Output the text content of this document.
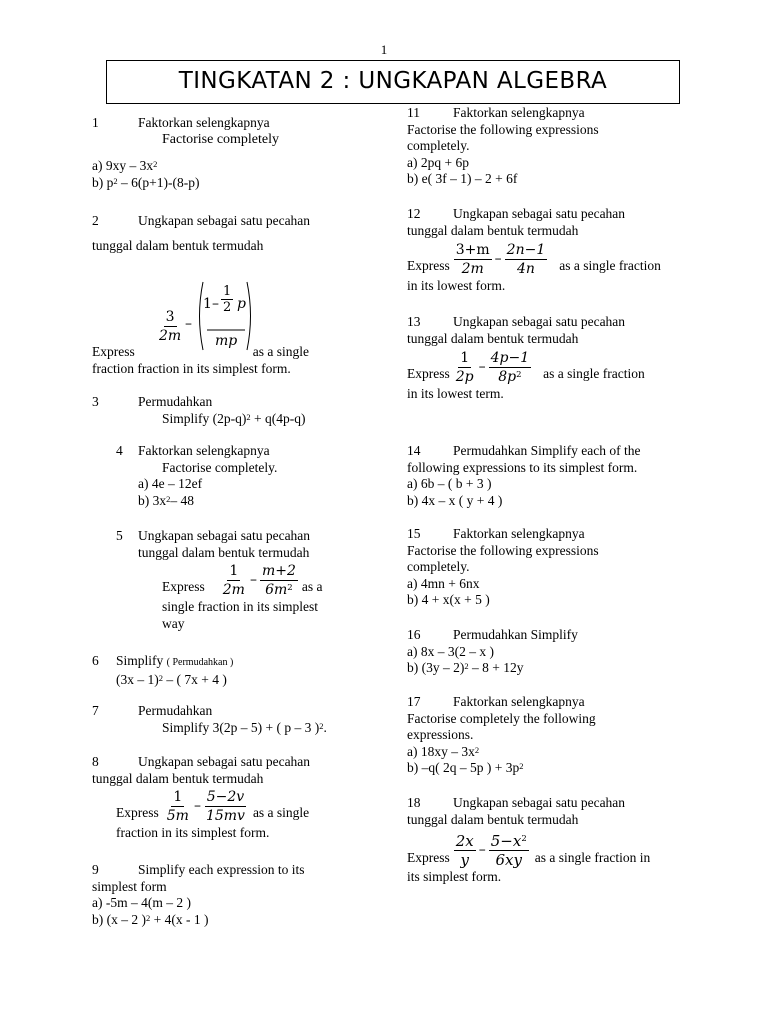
1
TINGKATAN 2 : UNGKAPAN ALGEBRA
1	Faktorkan selengkapnya
Factorise completely
a) $9xy - 3x^2$
b) $p^2 - 6(p+1)-(8-p)$
2	Ungkapan sebagai satu pecahan
tunggal dalam bentuk termudah
$\frac{3}{2m}$ –
$1 - \frac{1}{2}$ p
mp
Express	as a single
fraction fraction in its simplest form.
3	Permudahkan
Simplify $(2p-q)^2 + q(4p-q)$
4 Faktorkan selengkapnya
Factorise completely.
a) 4e – 12ef
b) $3x^2-$ 48
5 Ungkapan sebagai satu pecahan
tunggal dalam bentuk termudah
Express $\frac{1}{2m} - \frac{m+2}{6m^2}$ as a
single fraction in its simplest
way
6 Simplify ( Permudahkan )
(3x – 1)$^2$ – ( 7x + 4 )
7	Permudahkan
Simplify 3(2p – 5) + ( p – 3 )$^2$.
8	Ungkapan sebagai satu pecahan
tunggal dalam bentuk termudah
Express $\frac{1}{5m} - \frac{5-2v}{15mv}$ as a single
fraction in its simplest form.
9	Simplify each expression to its
simplest form
a) -5m – 4(m – 2 )
b) (x – 2 )$^2$ + 4(x - 1 )
11 Faktorkan selengkapnya
Factorise the following expressions
completely.
a) 2pq + 6p
b) e( 3f – 1) – 2 + 6f
12 Ungkapan sebagai satu pecahan
tunggal dalam bentuk termudah
Express $\frac{3+m}{2m} - \frac{2n-1}{4n}$ as a single fraction
in its lowest form.
13 Ungkapan sebagai satu pecahan
tunggal dalam bentuk termudah
Express $\frac{1}{2p} - \frac{4p-1}{8p^2}$ as a single fraction
in its lowest term.
14 Permudahkan Simplify each of the
following expressions to its simplest form.
a) 6b – ( b + 3 )
b) 4x – x ( y + 4 )
15 Faktorkan selengkapnya
Factorise the following expressions
completely.
a) 4mn + 6nx
b) 4 + x(x + 5 )
16 Permudahkan Simplify
a) 8x – 3(2 – x )
b) (3y – 2)$^2$ – 8 + 12y
17 Faktorkan selengkapnya
Factorise completely the following
expressions.
a) $18xy - 3x^2$
b) –q( 2q – 5p ) + $3p^2$
18 Ungkapan sebagai satu pecahan
tunggal dalam bentuk termudah
Express $\frac{2x}{y} - \frac{5-x^2}{6xy}$ as a single fraction in
its simplest form.
